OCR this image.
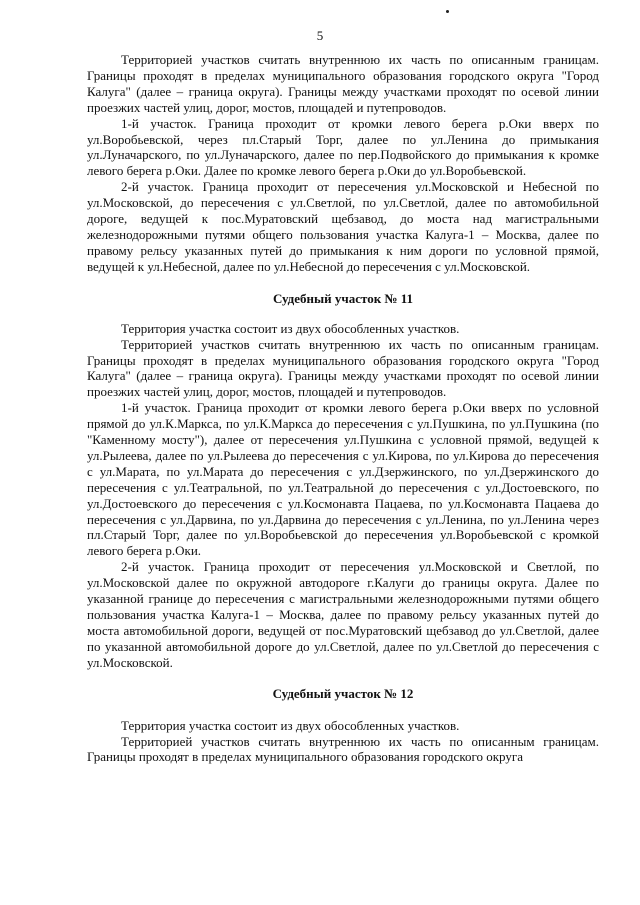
5

Территорией участков считать внутреннюю их часть по описанным границам. Границы проходят в пределах муниципального образования городского округа "Город Калуга" (далее – граница округа). Границы между участками проходят по осевой линии проезжих частей улиц, дорог, мостов, площадей и путепроводов.

1-й участок. Граница проходит от кромки левого берега р.Оки вверх по ул.Воробьевской, через пл.Старый Торг, далее по ул.Ленина до примыкания ул.Луначарского, по ул.Луначарского, далее по пер.Подвойского до примыкания к кромке левого берега р.Оки. Далее по кромке левого берега р.Оки до ул.Воробьевской.

2-й участок. Граница проходит от пересечения ул.Московской и Небесной по ул.Московской, до пересечения с ул.Светлой, по ул.Светлой, далее по автомобильной дороге, ведущей к пос.Муратовский щебзавод, до моста над магистральными железнодорожными путями общего пользования участка Калуга-1 – Москва, далее по правому рельсу указанных путей до примыкания к ним дороги по условной прямой, ведущей к ул.Небесной, далее по ул.Небесной до пересечения с ул.Московской.

Судебный участок № 11

Территория участка состоит из двух обособленных участков.

Территорией участков считать внутреннюю их часть по описанным границам. Границы проходят в пределах муниципального образования городского округа "Город Калуга" (далее – граница округа). Границы между участками проходят по осевой линии проезжих частей улиц, дорог, мостов, площадей и путепроводов.

1-й участок. Граница проходит от кромки левого берега р.Оки вверх по условной прямой до ул.К.Маркса, по ул.К.Маркса до пересечения с ул.Пушкина, по ул.Пушкина (по "Каменному мосту"), далее от пересечения ул.Пушкина с условной прямой, ведущей к ул.Рылеева, далее по ул.Рылеева до пересечения с ул.Кирова, по ул.Кирова до пересечения с ул.Марата, по ул.Марата до пересечения с ул.Дзержинского, по ул.Дзержинского до пересечения с ул.Театральной, по ул.Театральной до пересечения с ул.Достоевского, по ул.Достоевского до пересечения с ул.Космонавта Пацаева, по ул.Космонавта Пацаева до пересечения с ул.Дарвина, по ул.Дарвина до пересечения с ул.Ленина, по ул.Ленина через пл.Старый Торг, далее по ул.Воробьевской до пересечения ул.Воробьевской с кромкой левого берега р.Оки.

2-й участок. Граница проходит от пересечения ул.Московской и Светлой, по ул.Московской далее по окружной автодороге г.Калуги до границы округа. Далее по указанной границе до пересечения с магистральными железнодорожными путями общего пользования участка Калуга-1 – Москва, далее по правому рельсу указанных путей до моста автомобильной дороги, ведущей от пос.Муратовский щебзавод до ул.Светлой, далее по указанной автомобильной дороге до ул.Светлой, далее по ул.Светлой до пересечения с ул.Московской.

Судебный участок № 12

Территория участка состоит из двух обособленных участков.

Территорией участков считать внутреннюю их часть по описанным границам. Границы проходят в пределах муниципального образования городского округа
